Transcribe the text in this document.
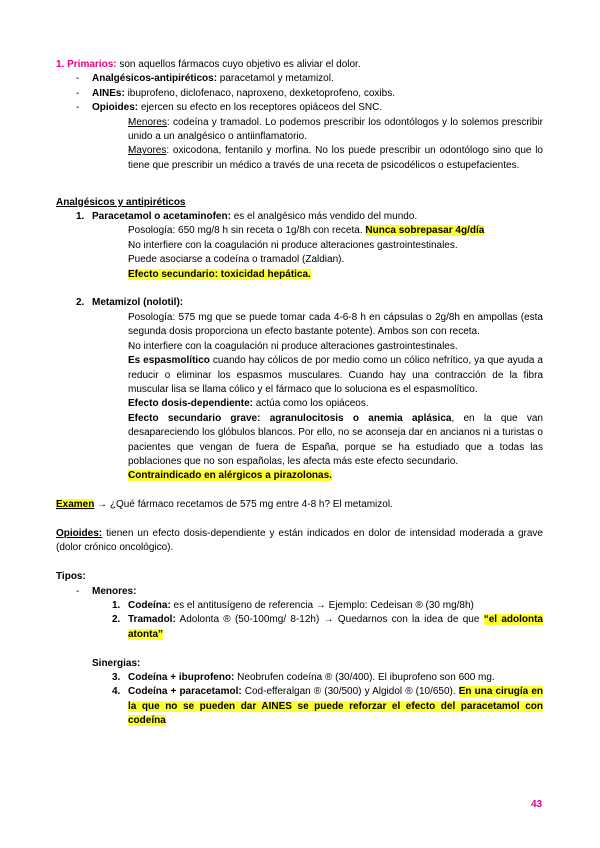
1. Primarios: son aquellos fármacos cuyo objetivo es aliviar el dolor.

- Analgésicos-antipiréticos: paracetamol y metamizol.
- AINEs: ibuprofeno, diclofenaco, naproxeno, dexketoprofeno, coxibs.
- Opioides: ejercen su efecto en los receptores opiáceos del SNC.
- Menores: codeína y tramadol. Lo podemos prescribir los odontólogos y lo solemos prescribir unido a un analgésico o antiinflamatorio.
- Mayores: oxicodona, fentanilo y morfina. No los puede prescribir un odontólogo sino que lo tiene que prescribir un médico a través de una receta de psicodélicos o estupefacientes.

Analgésicos y antipiréticos

1. Paracetamol o acetaminofen: es el analgésico más vendido del mundo.
- Posología: 650 mg/8 h sin receta o 1g/8h con receta. Nunca sobrepasar 4g/día
- No interfiere con la coagulación ni produce alteraciones gastrointestinales.
- Puede asociarse a codeína o tramadol (Zaldian).
- Efecto secundario: toxicidad hepática.
2. Metamizol (nolotil):
- Posología: 575 mg que se puede tomar cada 4-6-8 h en cápsulas o 2g/8h en ampollas (esta segunda dosis proporciona un efecto bastante potente). Ambos son con receta.
- No interfiere con la coagulación ni produce alteraciones gastrointestinales.
- Es espasmolítico cuando hay cólicos de por medio como un cólico nefrítico, ya que ayuda a reducir o eliminar los espasmos musculares. Cuando hay una contracción de la fibra muscular lisa se llama cólico y el fármaco que lo soluciona es el espasmolítico.
- Efecto dosis-dependiente: actúa como los opiáceos.
- Efecto secundario grave: agranulocitosis o anemia aplásica, en la que van desapareciendo los glóbulos blancos. Por ello, no se aconseja dar en ancianos ni a turistas o pacientes que vengan de fuera de España, porque se ha estudiado que a todas las poblaciones que no son españolas, les afecta más este efecto secundario.
- Contraindicado en alérgicos a pirazolonas.

Examen → ¿Qué fármaco recetamos de 575 mg entre 4-8 h? El metamizol.

Opioides: tienen un efecto dosis-dependiente y están indicados en dolor de intensidad moderada a grave (dolor crónico oncológico).

Tipos:

- Menores:
1. Codeína: es el antitusígeno de referencia → Ejemplo: Cedeisan ® (30 mg/8h)
2. Tramadol: Adolonta ® (50-100mg/ 8-12h) → Quedarnos con la idea de que “el adolonta atonta”

Sinergias:

3. Codeína + ibuprofeno: Neobrufen codeína ® (30/400). El ibuprofeno son 600 mg.
4. Codeína + paracetamol: Cod-efferalgan ® (30/500) y Algidol ® (10/650). En una cirugía en la que no se pueden dar AINES se puede reforzar el efecto del paracetamol con codeína
43
